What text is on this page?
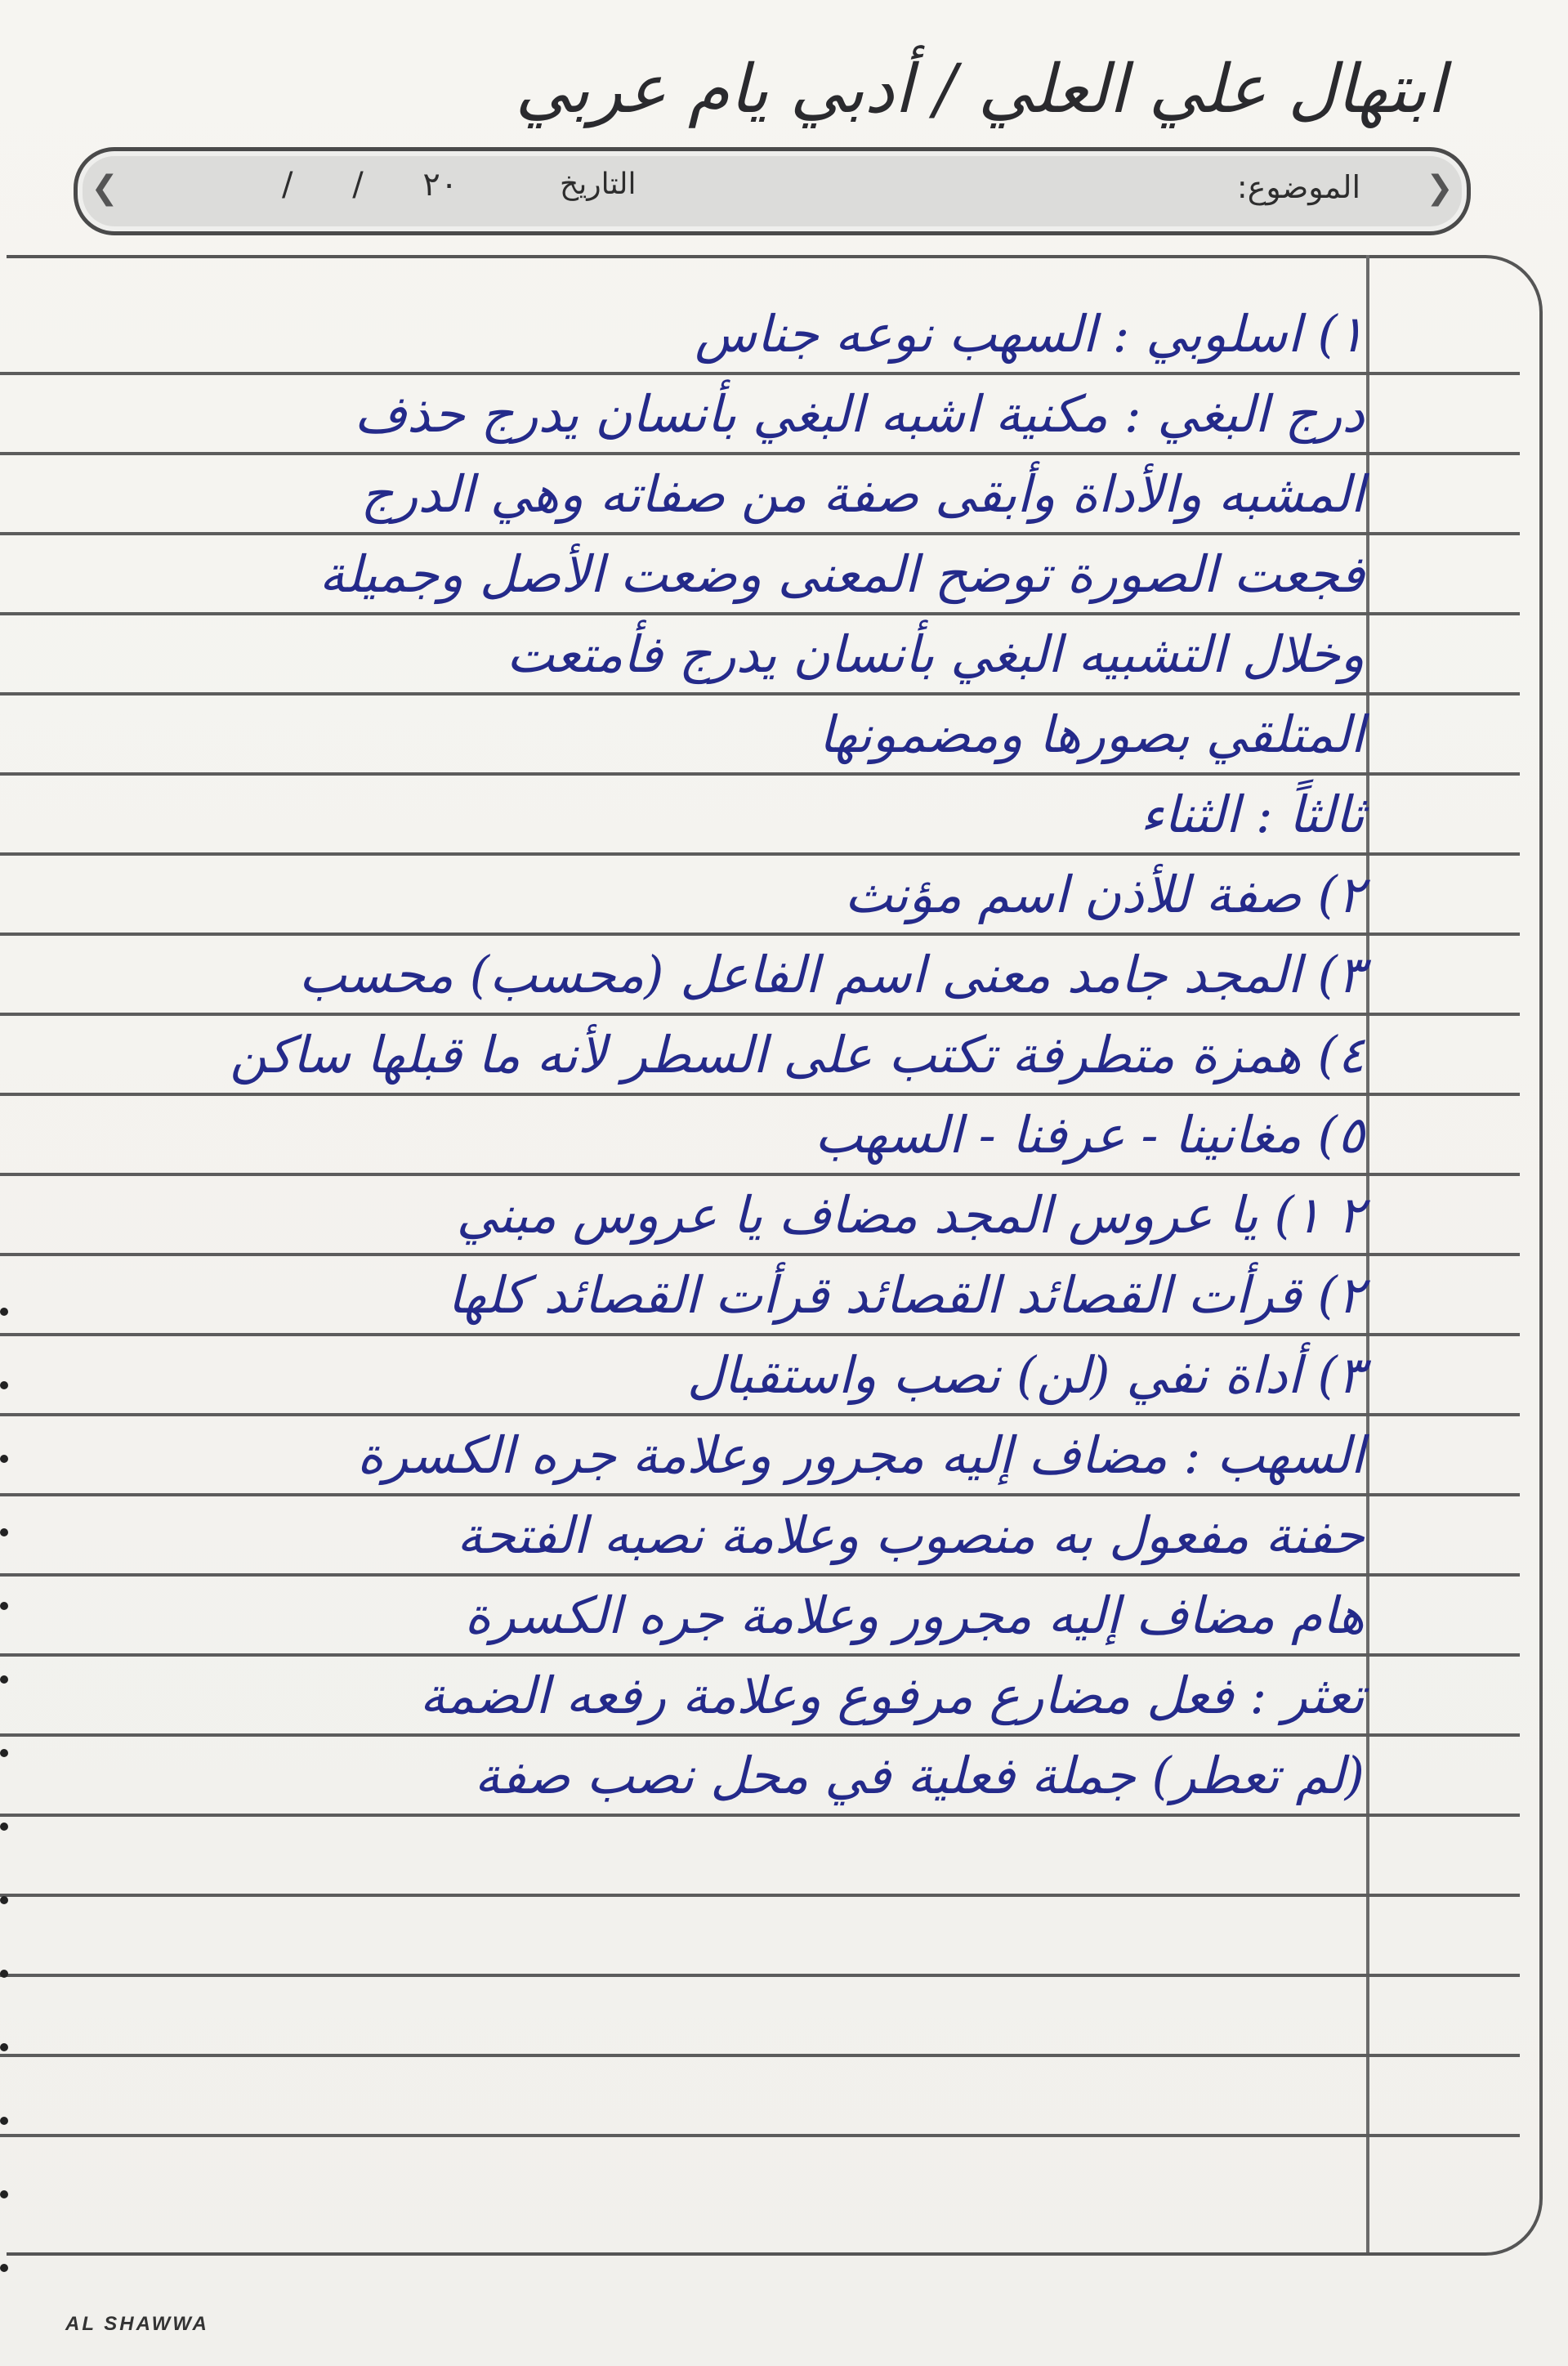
ابتهال علي العلي / أدبي يام عربي
❮	❯
الموضوع:
التاريخ
٢٠ / /
١) اسلوبي : السهب نوعه جناس
درج البغي : مكنية اشبه البغي بأنسان يدرج حذف
المشبه والأداة وأبقى صفة من صفاته وهي الدرج
فجعت الصورة توضح المعنى وضعت الأصل وجميلة
وخلال التشبيه البغي بأنسان يدرج فأمتعت
المتلقي بصورها ومضمونها
ثالثاً : الثناء
٢) صفة للأذن اسم مؤنث
٣) المجد جامد معنى اسم الفاعل (محسب) محسب
٤) همزة متطرفة تكتب على السطر لأنه ما قبلها ساكن
٥) مغانينا - عرفنا - السهب
٢ ١) يا عروس المجد مضاف يا عروس مبني
٢) قرأت القصائد القصائد قرأت القصائد كلها
٣) أداة نفي (لن) نصب واستقبال
السهب : مضاف إليه مجرور وعلامة جره الكسرة
حفنة مفعول به منصوب وعلامة نصبه الفتحة
هام مضاف إليه مجرور وعلامة جره الكسرة
تعثر : فعل مضارع مرفوع وعلامة رفعه الضمة
(لم تعطر) جملة فعلية في محل نصب صفة
AL SHAWWA
